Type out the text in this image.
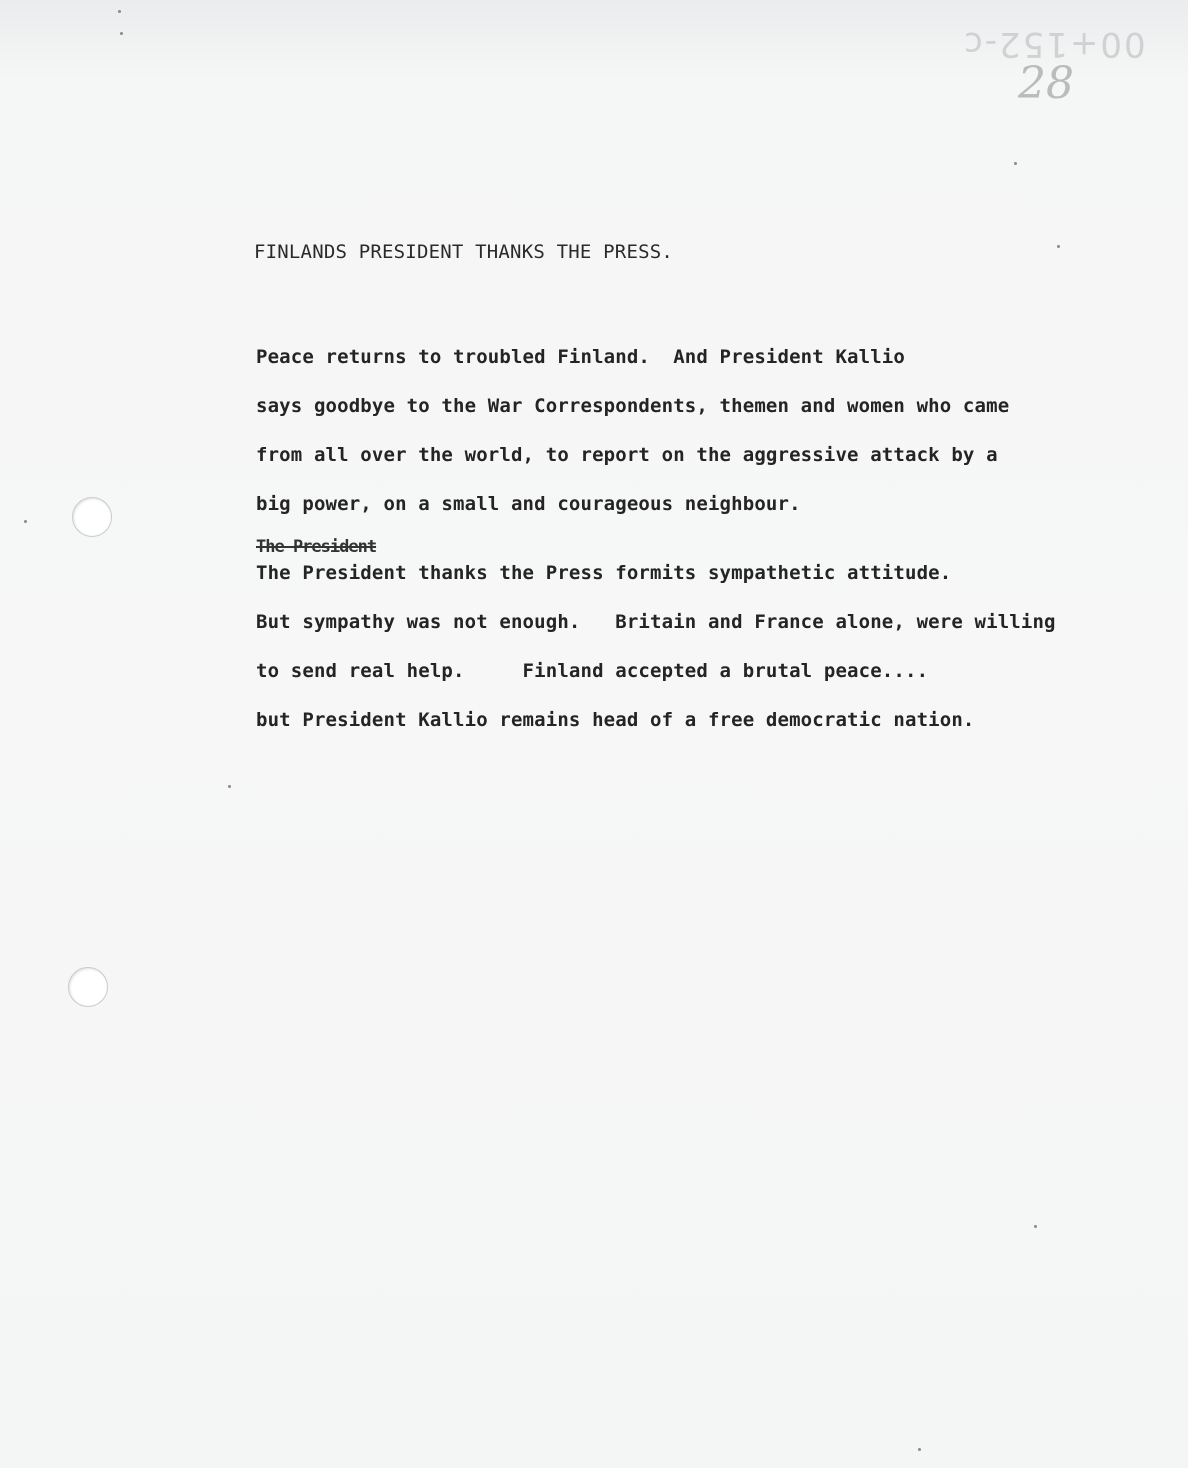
00+152-c
28
FINLANDS PRESIDENT THANKS THE PRESS.
Peace returns to troubled Finland.  And President Kallio
says goodbye to the War Correspondents, themen and women who came
from all over the world, to report on the aggressive attack by a
big power, on a small and courageous neighbour.
The President
The President thanks the Press formits sympathetic attitude.
But sympathy was not enough.   Britain and France alone, were willing
to send real help.     Finland accepted a brutal peace....
but President Kallio remains head of a free democratic nation.
